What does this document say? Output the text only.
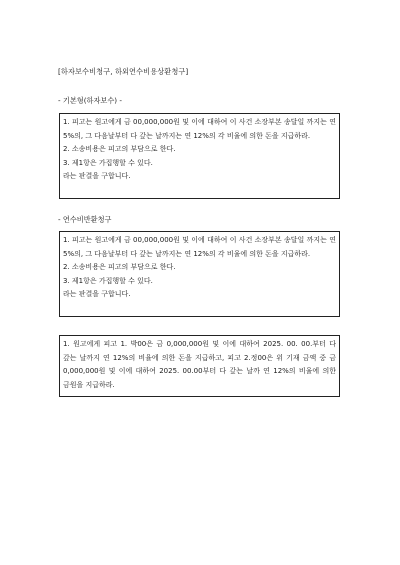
[하자보수비청구, 하외연수비용상환청구]
- 기본형(하자보수) -

1. 피고는 원고에게 금 00,000,000원 및 이에 대하여 이 사건 소장부본 송달일 까지는 연 5%의, 그 다음날부터 다 갚는 날까지는 연 12%의 각 비율에 의한 돈을 지급하라.

2. 소송비용은 피고의 부담으로 한다.

3. 제1항은 가집행할 수 있다.

라는 판결을 구합니다.

- 연수비반환청구

1. 피고는 원고에게 금 00,000,000원 및 이에 대하여 이 사건 소장부본 송달일 까지는 연 5%의, 그 다음날부터 다 갚는 날까지는 연 12%의 각 비율에 의한 돈을 지급하라.

2. 소송비용은 피고의 부담으로 한다.

3. 제1항은 가집행할 수 있다.

라는 판결을 구합니다.

1. 원고에게 피고 1. 박00은 금 0,000,000원 및 이에 대하여 2025. 00. 00.부터 다 갚는 날까지 연 12%의 비율에 의한 돈을 지급하고, 피고 2.정00은 위 기재 금액 중 금 0,000,000원 및 이에 대하여 2025. 00.00부터 다 갚는 날까 연 12%의 비율에 의한 금원을 지급하라.
